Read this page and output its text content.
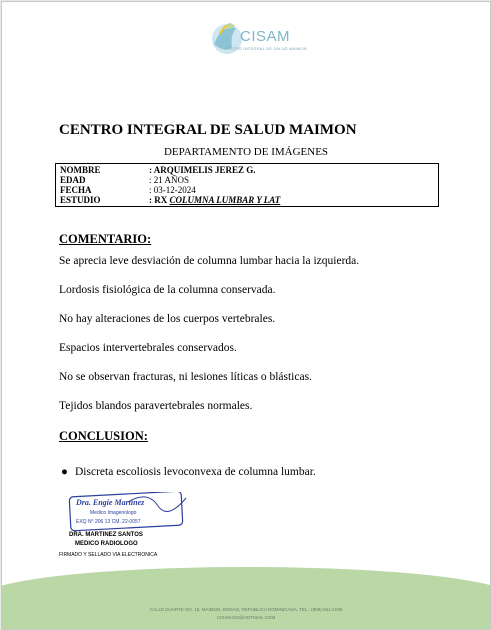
CISAM
CENTRO INTEGRAL DE SALUD MAIMON
CENTRO INTEGRAL DE SALUD MAIMON
DEPARTAMENTO DE IMÁGENES
NOMBRE	: ARQUIMELIS JEREZ G.
EDAD	: 21 AÑOS
FECHA	: 03-12-2024
ESTUDIO	: RX COLUMNA LUMBAR Y LAT
COMENTARIO:
Se aprecia leve desviación de columna lumbar hacia la izquierda.
Lordosis fisiológica de la columna conservada.
No hay alteraciones de los cuerpos vertebrales.
Espacios intervertebrales conservados.
No se observan fracturas, ni lesiones líticas o blásticas.
Tejidos blandos paravertebrales normales.
CONCLUSION:
● Discreta escoliosis levoconvexa de columna lumbar.
Dra. Engie Martinez
Medico Imagenologo
EXQ N° 206 13 CM. 22-0057
DRA. MARTINEZ SANTOS
MEDICO RADIOLOGO
FIRMADO Y SELLADO VIA ELECTRONICA
CALLE DUARTE NO. 15, MAIMÓN, BONAO, REPUBLICA DOMINICANA, TEL.: (809)-551-2196
CISAM.DO@HOTMAIL.COM
